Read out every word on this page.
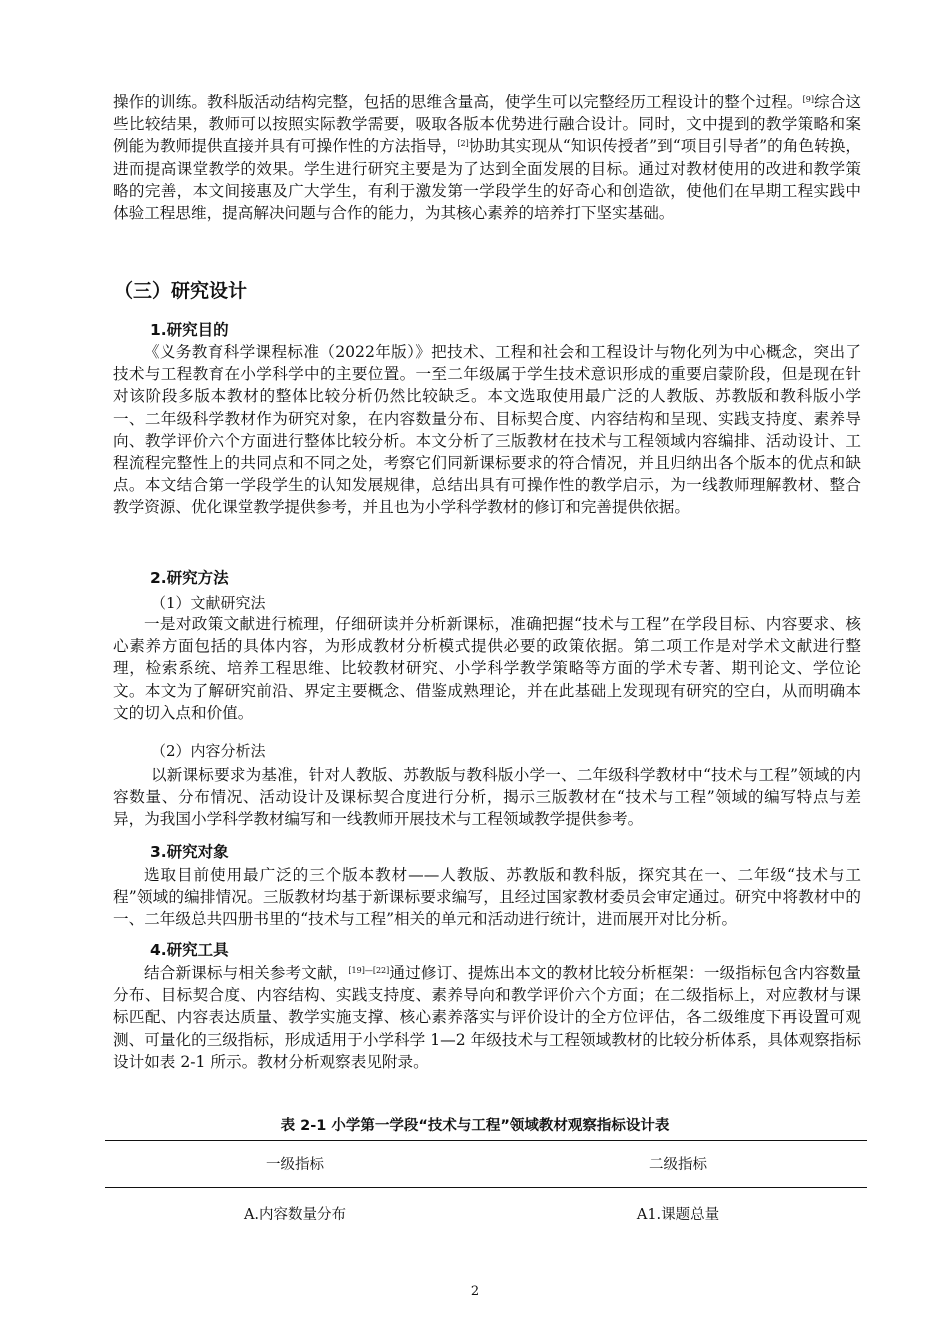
操作的训练。教科版活动结构完整，包括的思维含量高，使学生可以完整经历工程设计的整个过程。[9]综合这些比较结果，教师可以按照实际教学需要，吸取各版本优势进行融合设计。同时，文中提到的教学策略和案例能为教师提供直接并具有可操作性的方法指导，[2]协助其实现从“知识传授者”到“项目引导者”的角色转换，进而提高课堂教学的效果。学生进行研究主要是为了达到全面发展的目标。通过对教材使用的改进和教学策略的完善，本文间接惠及广大学生，有利于激发第一学段学生的好奇心和创造欲，使他们在早期工程实践中体验工程思维，提高解决问题与合作的能力，为其核心素养的培养打下坚实基础。

（三）研究设计
1.研究目的

《义务教育科学课程标准（2022年版）》把技术、工程和社会和工程设计与物化列为中心概念，突出了技术与工程教育在小学科学中的主要位置。一至二年级属于学生技术意识形成的重要启蒙阶段，但是现在针对该阶段多版本教材的整体比较分析仍然比较缺乏。本文选取使用最广泛的人教版、苏教版和教科版小学一、二年级科学教材作为研究对象，在内容数量分布、目标契合度、内容结构和呈现、实践支持度、素养导向、教学评价六个方面进行整体比较分析。本文分析了三版教材在技术与工程领域内容编排、活动设计、工程流程完整性上的共同点和不同之处，考察它们同新课标要求的符合情况，并且归纳出各个版本的优点和缺点。本文结合第一学段学生的认知发展规律，总结出具有可操作性的教学启示，为一线教师理解教材、整合教学资源、优化课堂教学提供参考，并且也为小学科学教材的修订和完善提供依据。

2.研究方法

（1）文献研究法

一是对政策文献进行梳理，仔细研读并分析新课标，准确把握“技术与工程”在学段目标、内容要求、核心素养方面包括的具体内容，为形成教材分析模式提供必要的政策依据。第二项工作是对学术文献进行整理，检索系统、培养工程思维、比较教材研究、小学科学教学策略等方面的学术专著、期刊论文、学位论文。本文为了解研究前沿、界定主要概念、借鉴成熟理论，并在此基础上发现现有研究的空白，从而明确本文的切入点和价值。

（2）内容分析法

以新课标要求为基准，针对人教版、苏教版与教科版小学一、二年级科学教材中“技术与工程”领域的内容数量、分布情况、活动设计及课标契合度进行分析，揭示三版教材在“技术与工程”领域的编写特点与差异，为我国小学科学教材编写和一线教师开展技术与工程领域教学提供参考。

3.研究对象

选取目前使用最广泛的三个版本教材——人教版、苏教版和教科版，探究其在一、二年级“技术与工程”领域的编排情况。三版教材均基于新课标要求编写，且经过国家教材委员会审定通过。研究中将教材中的一、二年级总共四册书里的“技术与工程”相关的单元和活动进行统计，进而展开对比分析。

4.研究工具

结合新课标与相关参考文献，[19]—[22]通过修订、提炼出本文的教材比较分析框架：一级指标包含内容数量分布、目标契合度、内容结构、实践支持度、素养导向和教学评价六个方面；在二级指标上，对应教材与课标匹配、内容表达质量、教学实施支撑、核心素养落实与评价设计的全方位评估，各二级维度下再设置可观测、可量化的三级指标，形成适用于小学科学 1—2 年级技术与工程领域教材的比较分析体系，具体观察指标设计如表 2-1 所示。教材分析观察表见附录。

表 2-1 小学第一学段“技术与工程”领域教材观察指标设计表

一级指标	二级指标
A.内容数量分布	A1.课题总量
2
